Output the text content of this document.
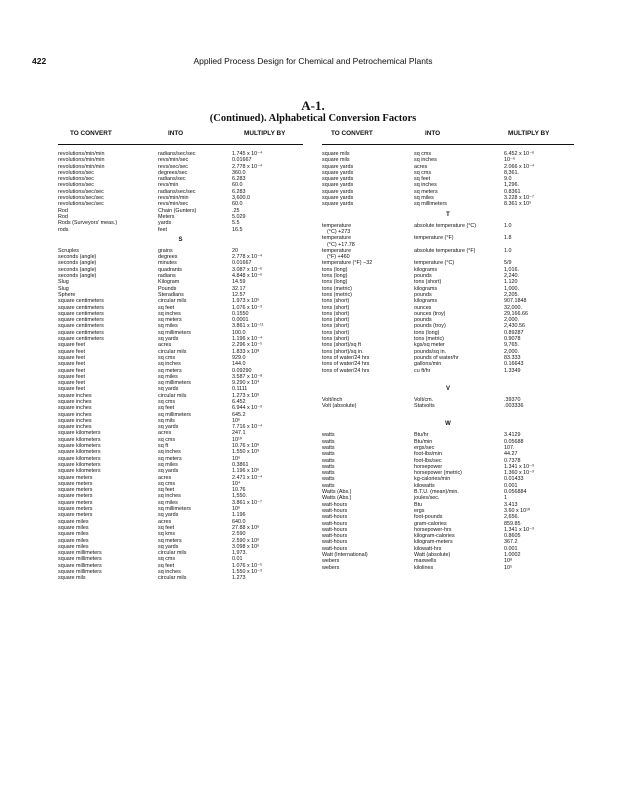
422	Applied Process Design for Chemical and Petrochemical Plants
A-1.
(Continued). Alphabetical Conversion Factors
TO CONVERT	INTO	MULTIPLY BY	TO CONVERT	INTO	MULTIPLY BY
revolutions/min/min	radians/sec/sec	1.745 x 10⁻⁴
revolutions/min/min	revs/min/sec	0.01667
revolutions/min/min	revs/sec/sec	2.778 x 10⁻⁴
revolutions/sec	degrees/sec	360.0
revolutions/sec	radians/sec	6.283
revolutions/sec	revs/min	60.0
revolutions/sec/sec	radians/sec/sec	6.283
revolutions/sec/sec	revs/min/min	3,600.0
revolutions/sec/sec	revs/min/sec	60.0
Rod	Chain (Gunters)	.25
Rod	Meters	5.029
Rods (Surveyors' meas.)	yards	5.5
rods	feet	16.5
S
Scruples	grains	20
seconds (angle)	degrees	2.778 x 10⁻⁴
seconds (angle)	minutes	0.01667
seconds (angle)	quadrants	3.087 x 10⁻⁶
seconds (angle)	radians	4.848 x 10⁻⁶
Slug	Kilogram	14.59
Slug	Pounds	32.17
Sphere	Steradians	12.57
square centimeters	circular mils	1.973 x 10⁵
square centimeters	sq feet	1.076 x 10⁻³
square centimeters	sq inches	0.1550
square centimeters	sq meters	0.0001
square centimeters	sq miles	3.861 x 10⁻¹¹
square centimeters	sq millimeters	100.0
square centimeters	sq yards	1.196 x 10⁻⁴
square feet	acres	2.296 x 10⁻⁵
square feet	circular mils	1.833 x 10⁸
square feet	sq cms	929.0
square feet	sq inches	144.0
square feet	sq meters	0.09290
square feet	sq miles	3.587 x 10⁻⁸
square feet	sq millimeters	9.290 x 10⁴
square feet	sq yards	0.1111
square inches	circular mils	1.273 x 10⁶
square inches	sq cms	6.452
square inches	sq feet	6.944 x 10⁻³
square inches	sq millimeters	645.2
square inches	sq mils	10⁶
square inches	sq yards	7.716 x 10⁻⁴
square kilometers	acres	247.1
square kilometers	sq cms	10¹⁰
square kilometers	sq ft	10.76 x 10⁶
square kilometers	sq inches	1.550 x 10⁹
square kilometers	sq meters	10⁶
square kilometers	sq miles	0.3861
square kilometers	sq yards	1.196 x 10⁶
square meters	acres	2.471 x 10⁻⁴
square meters	sq cms	10⁴
square meters	sq feet	10.76
square meters	sq inches	1,550.
square meters	sq miles	3.861 x 10⁻⁷
square meters	sq millimeters	10⁶
square meters	sq yards	1.196
square miles	acres	640.0
square miles	sq feet	27.88 x 10⁶
square miles	sq kms	2.590
square miles	sq meters	2.590 x 10⁶
square miles	sq yards	3.098 x 10⁶
square millimeters	circular mils	1,973.
square millimeters	sq cms	0.01
square millimeters	sq feet	1.076 x 10⁻⁵
square millimeters	sq inches	1.550 x 10⁻³
square mils	circular mils	1.273
square mils	sq cms	6.452 x 10⁻⁶
square mils	sq inches	10⁻⁶
square yards	acres	2.066 x 10⁻⁴
square yards	sq cms	8,361.
square yards	sq feet	9.0
square yards	sq inches	1,296.
square yards	sq meters	0.8361
square yards	sq miles	3.228 x 10⁻⁷
square yards	sq millimeters	8.361 x 10⁵
T
temperature
(°C) +273
absolute temperature (°C)	1.0
temperature
(°C) +17.78
temperature (°F)	1.8
temperature
(°F) +460
absolute temperature (°F)	1.0
temperature (°F) −32	temperature (°C)	5/9
tons (long)	kilograms	1,016.
tons (long)	pounds	2,240.
tons (long)	tons (short)	1.120
tons (metric)	kilograms	1,000.
tons (metric)	pounds	2,205.
tons (short)	kilograms	907.1848
tons (short)	ounces	32,000.
tons (short)	ounces (troy)	29,166.66
tons (short)	pounds	2,000.
tons (short)	pounds (troy)	2,430.56
tons (short)	tons (long)	0.89287
tons (short)	tons (metric)	0.9078
tons (short)/sq ft	kgs/sq meter	9,765.
tons (short)/sq in.	pounds/sq in.	2,000.
tons of water/24 hrs	pounds of water/hr	83.333
tons of water/24 hrs	gallons/min	0.16643
tons of water/24 hrs	cu ft/hr	1.3349
V
Volt/inch	Volt/cm.	.39370
Volt (absolute)	Statvolts	.003336
W
watts	Btu/hr	3.4129
watts	Btu/min	0.05688
watts	ergs/sec	107.
watts	foot-lbs/min	44.27
watts	foot-lbs/sec	0.7378
watts	horsepower	1.341 x 10⁻³
watts	horsepower (metric)	1.360 x 10⁻³
watts	kg-calories/min	0.01433
watts	kilowatts	0.001
Watts (Abs.)	B.T.U. (mean)/min.	0.056884
Watts (Abs.)	joules/sec.	1
watt-hours	Btu	3.413
watt-hours	ergs	3.60 x 10¹⁰
watt-hours	foot-pounds	2,656.
watt-hours	gram-calories	859.85
watt-hours	horsepower-hrs	1.341 x 10⁻³
watt-hours	kilogram-calories	0.8605
watt-hours	kilogram-meters	367.2
watt-hours	kilowatt-hrs	0.001
Watt (International)	Watt (absolute)	1.0002
webers	maxwells	10⁸
webers	kilolines	10⁵
